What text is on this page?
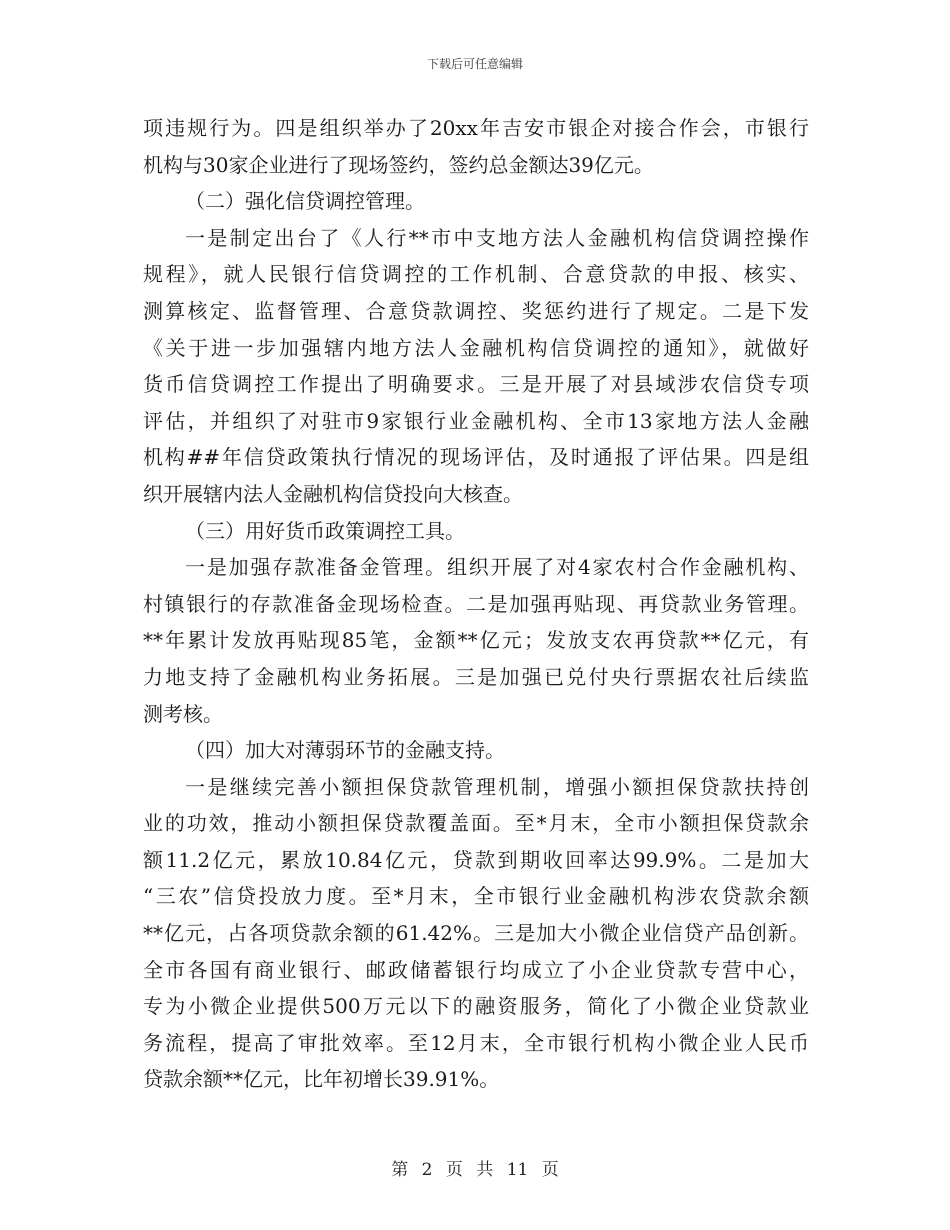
下载后可任意编辑
项违规行为。四是组织举办了20xx年吉安市银企对接合作会，市银行
机构与30家企业进行了现场签约，签约总金额达39亿元。
（二）强化信贷调控管理。
一是制定出台了《人行**市中支地方法人金融机构信贷调控操作
规程》，就人民银行信贷调控的工作机制、合意贷款的申报、核实、
测算核定、监督管理、合意贷款调控、奖惩约进行了规定。二是下发
《关于进一步加强辖内地方法人金融机构信贷调控的通知》，就做好
货币信贷调控工作提出了明确要求。三是开展了对县域涉农信贷专项
评估，并组织了对驻市9家银行业金融机构、全市13家地方法人金融
机构##年信贷政策执行情况的现场评估，及时通报了评估果。四是组
织开展辖内法人金融机构信贷投向大核查。
（三）用好货币政策调控工具。
一是加强存款准备金管理。组织开展了对4家农村合作金融机构、
村镇银行的存款准备金现场检查。二是加强再贴现、再贷款业务管理。
**年累计发放再贴现85笔，金额**亿元；发放支农再贷款**亿元，有
力地支持了金融机构业务拓展。三是加强已兑付央行票据农社后续监
测考核。
（四）加大对薄弱环节的金融支持。
一是继续完善小额担保贷款管理机制，增强小额担保贷款扶持创
业的功效，推动小额担保贷款覆盖面。至*月末，全市小额担保贷款余
额11.2亿元，累放10.84亿元，贷款到期收回率达99.9%。二是加大
“三农”信贷投放力度。至*月末，全市银行业金融机构涉农贷款余额
**亿元，占各项贷款余额的61.42%。三是加大小微企业信贷产品创新。
全市各国有商业银行、邮政储蓄银行均成立了小企业贷款专营中心，
专为小微企业提供500万元以下的融资服务，简化了小微企业贷款业
务流程，提高了审批效率。至12月末，全市银行机构小微企业人民币
贷款余额**亿元，比年初增长39.91%。
第 2 页 共 11 页
